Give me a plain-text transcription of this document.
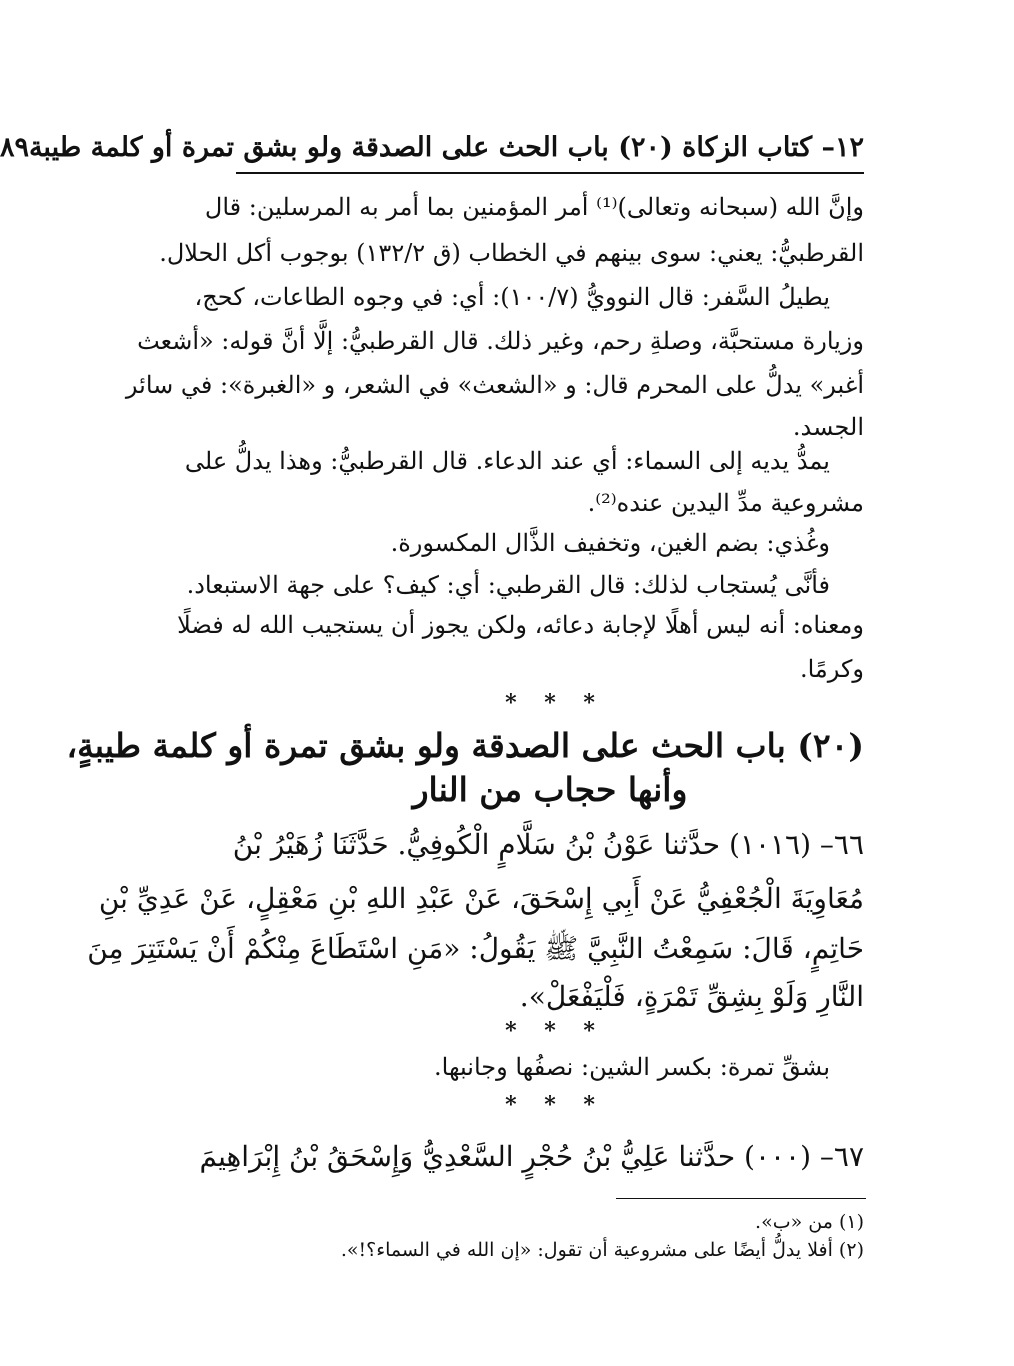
١٢– كتاب الزكاة (٢٠) باب الحث على الصدقة ولو بشق تمرة أو كلمة طيبة
٨٩
وإنَّ الله (سبحانه وتعالى)⁽¹⁾ أمر المؤمنين بما أمر به المرسلين: قال
القرطبيُّ: يعني: سوى بينهم في الخطاب (ق ١٣٢/٢) بوجوب أكل الحلال.
يطيلُ السَّفر: قال النوويُّ (١٠٠/٧): أي: في وجوه الطاعات، كحج،
وزيارة مستحبَّة، وصلةِ رحم، وغير ذلك. قال القرطبيُّ: إلَّا أنَّ قوله: «أشعث
أغبر» يدلُّ على المحرم قال: و «الشعث» في الشعر، و «الغبرة»: في سائر
الجسد.
يمدُّ يديه إلى السماء: أي عند الدعاء. قال القرطبيُّ: وهذا يدلُّ على
مشروعية مدِّ اليدين عنده⁽²⁾.
وغُذي: بضم الغين، وتخفيف الذَّال المكسورة.
فأنَّى يُستجاب لذلك: قال القرطبي: أي: كيف؟ على جهة الاستبعاد.
ومعناه: أنه ليس أهلًا لإجابة دعائه، ولكن يجوز أن يستجيب الله له فضلًا
وكرمًا.
* * *
(٢٠) باب الحث على الصدقة ولو بشق تمرة أو كلمة طيبةٍ،
وأنها حجاب من النار
٦٦– (١٠١٦) حدَّثنا عَوْنُ بْنُ سَلَّامٍ الْكُوفِيُّ. حَدَّثَنَا زُهَيْرُ بْنُ
مُعَاوِيَةَ الْجُعْفِيُّ عَنْ أَبِي إِسْحَقَ، عَنْ عَبْدِ اللهِ بْنِ مَعْقِلٍ، عَنْ عَدِيِّ بْنِ
حَاتِمٍ، قَالَ: سَمِعْتُ النَّبِيَّ ﷺ يَقُولُ: «مَنِ اسْتَطَاعَ مِنْكُمْ أَنْ يَسْتَتِرَ مِنَ
النَّارِ وَلَوْ بِشِقِّ تَمْرَةٍ، فَلْيَفْعَلْ».
* * *
بشقِّ تمرة: بكسر الشين: نصفُها وجانبها.
* * *
٦٧– (٠٠٠) حدَّثنا عَلِيُّ بْنُ حُجْرٍ السَّعْدِيُّ وَإِسْحَقُ بْنُ إِبْرَاهِيمَ
(١) من «ب».
(٢) أفلا يدلُّ أيضًا على مشروعية أن تقول: «إن الله في السماء؟!».
